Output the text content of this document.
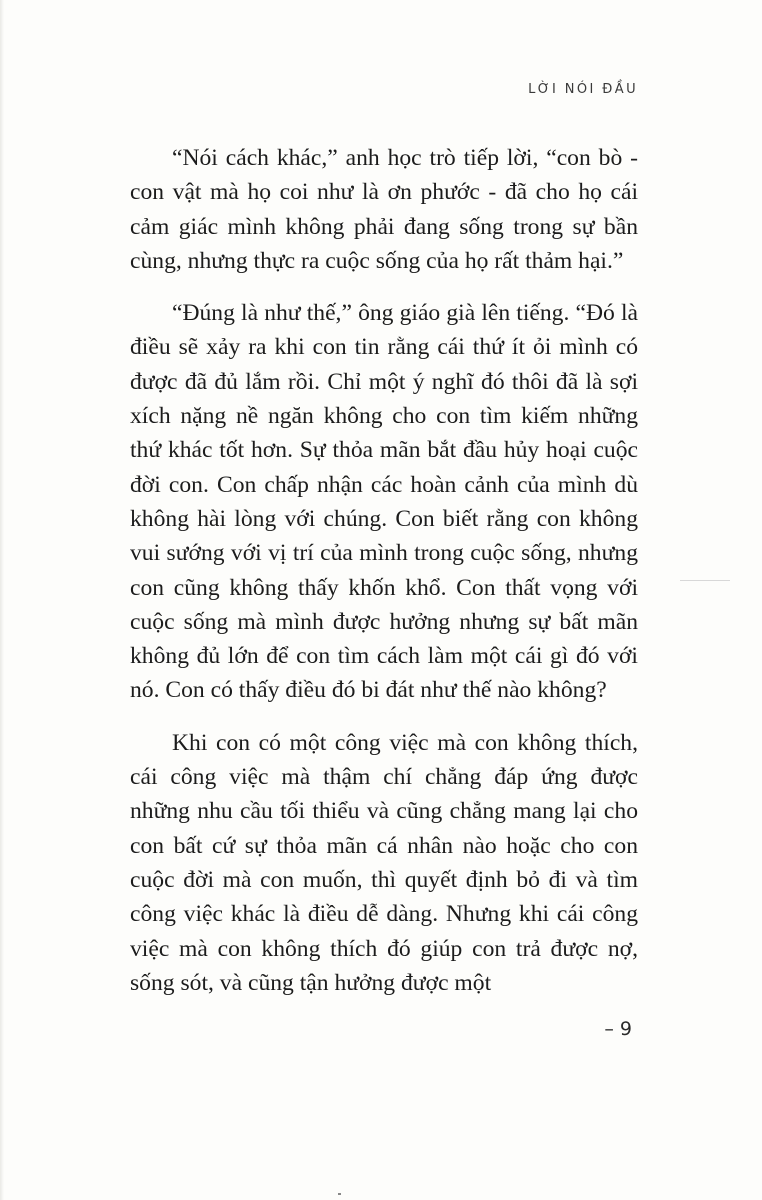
LỜI NÓI ĐẦU

“Nói cách khác,” anh học trò tiếp lời, “con bò - con vật mà họ coi như là ơn phước - đã cho họ cái cảm giác mình không phải đang sống trong sự bần cùng, nhưng thực ra cuộc sống của họ rất thảm hại.”

“Đúng là như thế,” ông giáo già lên tiếng. “Đó là điều sẽ xảy ra khi con tin rằng cái thứ ít ỏi mình có được đã đủ lắm rồi. Chỉ một ý nghĩ đó thôi đã là sợi xích nặng nề ngăn không cho con tìm kiếm những thứ khác tốt hơn. Sự thỏa mãn bắt đầu hủy hoại cuộc đời con. Con chấp nhận các hoàn cảnh của mình dù không hài lòng với chúng. Con biết rằng con không vui sướng với vị trí của mình trong cuộc sống, nhưng con cũng không thấy khốn khổ. Con thất vọng với cuộc sống mà mình được hưởng nhưng sự bất mãn không đủ lớn để con tìm cách làm một cái gì đó với nó. Con có thấy điều đó bi đát như thế nào không?

Khi con có một công việc mà con không thích, cái công việc mà thậm chí chẳng đáp ứng được những nhu cầu tối thiểu và cũng chẳng mang lại cho con bất cứ sự thỏa mãn cá nhân nào hoặc cho con cuộc đời mà con muốn, thì quyết định bỏ đi và tìm công việc khác là điều dễ dàng. Nhưng khi cái công việc mà con không thích đó giúp con trả được nợ, sống sót, và cũng tận hưởng được một

– 9
